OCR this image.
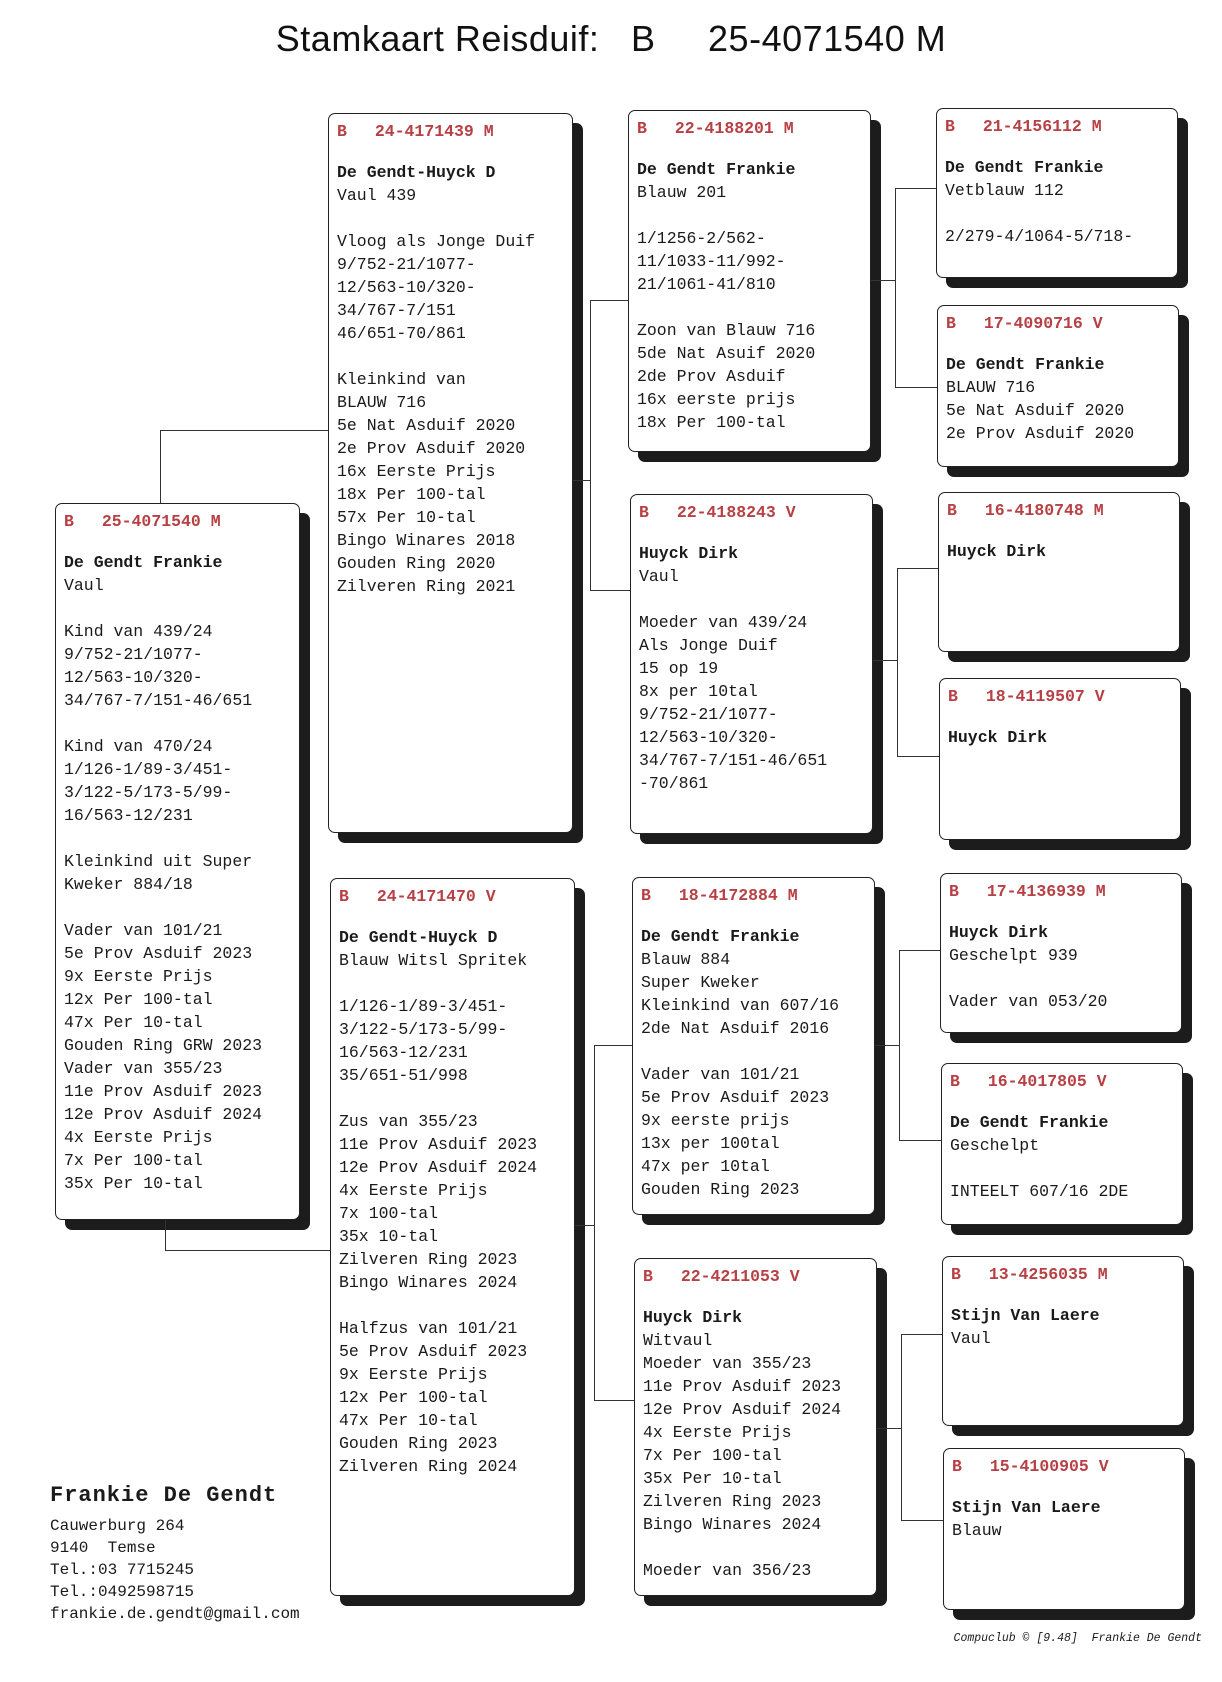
Stamkaart Reisduif: B 25-4071540 M
B 25-4071540 M
De Gendt Frankie
Vaul
Kind van 439/24
9/752-21/1077-
12/563-10/320-
34/767-7/151-46/651
Kind van 470/24
1/126-1/89-3/451-
3/122-5/173-5/99-
16/563-12/231
Kleinkind uit Super
Kweker 884/18
Vader van 101/21
5e Prov Asduif 2023
9x Eerste Prijs
12x Per 100-tal
47x Per 10-tal
Gouden Ring GRW 2023
Vader van 355/23
11e Prov Asduif 2023
12e Prov Asduif 2024
4x Eerste Prijs
7x Per 100-tal
35x Per 10-tal
B 24-4171439 M
De Gendt-Huyck D
Vaul 439
Vloog als Jonge Duif
9/752-21/1077-
12/563-10/320-
34/767-7/151
46/651-70/861
Kleinkind van
BLAUW 716
5e Nat Asduif 2020
2e Prov Asduif 2020
16x Eerste Prijs
18x Per 100-tal
57x Per 10-tal
Bingo Winares 2018
Gouden Ring 2020
Zilveren Ring 2021
B 24-4171470 V
De Gendt-Huyck D
Blauw Witsl Spritek
1/126-1/89-3/451-
3/122-5/173-5/99-
16/563-12/231
35/651-51/998
Zus van 355/23
11e Prov Asduif 2023
12e Prov Asduif 2024
4x Eerste Prijs
7x 100-tal
35x 10-tal
Zilveren Ring 2023
Bingo Winares 2024
Halfzus van 101/21
5e Prov Asduif 2023
9x Eerste Prijs
12x Per 100-tal
47x Per 10-tal
Gouden Ring 2023
Zilveren Ring 2024
B 22-4188201 M
De Gendt Frankie
Blauw 201
1/1256-2/562-
11/1033-11/992-
21/1061-41/810
Zoon van Blauw 716
5de Nat Asuif 2020
2de Prov Asduif
16x eerste prijs
18x Per 100-tal
B 22-4188243 V
Huyck Dirk
Vaul
Moeder van 439/24
Als Jonge Duif
15 op 19
8x per 10tal
9/752-21/1077-
12/563-10/320-
34/767-7/151-46/651
-70/861
B 18-4172884 M
De Gendt Frankie
Blauw 884
Super Kweker
Kleinkind van 607/16
2de Nat Asduif 2016
Vader van 101/21
5e Prov Asduif 2023
9x eerste prijs
13x per 100tal
47x per 10tal
Gouden Ring 2023
B 22-4211053 V
Huyck Dirk
Witvaul
Moeder van 355/23
11e Prov Asduif 2023
12e Prov Asduif 2024
4x Eerste Prijs
7x Per 100-tal
35x Per 10-tal
Zilveren Ring 2023
Bingo Winares 2024
Moeder van 356/23
B 21-4156112 M
De Gendt Frankie
Vetblauw 112
2/279-4/1064-5/718-
B 17-4090716 V
De Gendt Frankie
BLAUW 716
5e Nat Asduif 2020
2e Prov Asduif 2020
B 16-4180748 M
Huyck Dirk
B 18-4119507 V
Huyck Dirk
B 17-4136939 M
Huyck Dirk
Geschelpt 939
Vader van 053/20
B 16-4017805 V
De Gendt Frankie
Geschelpt
INTEELT 607/16 2DE
B 13-4256035 M
Stijn Van Laere
Vaul
B 15-4100905 V
Stijn Van Laere
Blauw
Frankie De Gendt
Cauwerburg 264
9140  Temse
Tel.:03 7715245
Tel.:0492598715
frankie.de.gendt@gmail.com
Compuclub © [9.48]  Frankie De Gendt
